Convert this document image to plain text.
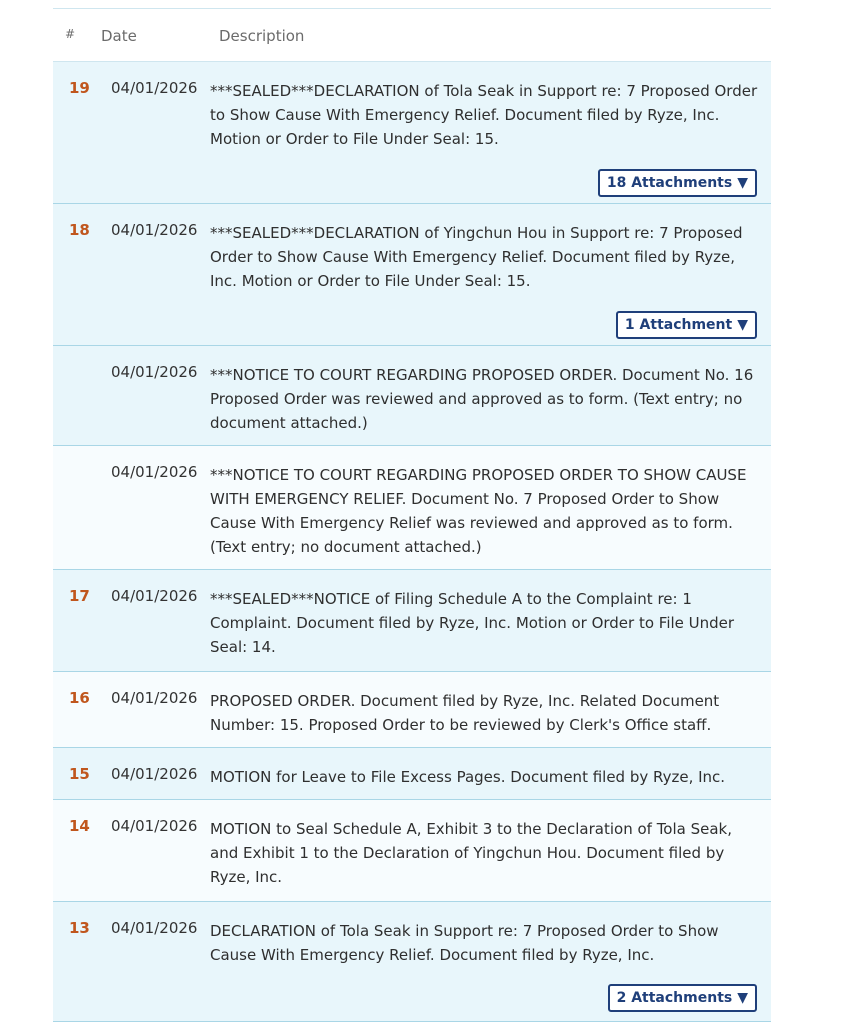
# Date	Description
19 04/01/2026 ***SEALED***DECLARATION of Tola Seak in Support re: 7 Proposed Order to Show Cause With Emergency Relief. Document filed by Ryze, Inc. Motion or Order to File Under Seal: 15.
18 Attachments ▼
18 04/01/2026 ***SEALED***DECLARATION of Yingchun Hou in Support re: 7 Proposed Order to Show Cause With Emergency Relief. Document filed by Ryze, Inc. Motion or Order to File Under Seal: 15.
1 Attachment ▼
04/01/2026 ***NOTICE TO COURT REGARDING PROPOSED ORDER. Document No. 16 Proposed Order was reviewed and approved as to form. (Text entry; no document attached.)
04/01/2026 ***NOTICE TO COURT REGARDING PROPOSED ORDER TO SHOW CAUSE WITH EMERGENCY RELIEF. Document No. 7 Proposed Order to Show Cause With Emergency Relief was reviewed and approved as to form. (Text entry; no document attached.)
17 04/01/2026 ***SEALED***NOTICE of Filing Schedule A to the Complaint re: 1 Complaint. Document filed by Ryze, Inc. Motion or Order to File Under Seal: 14.
16 04/01/2026 PROPOSED ORDER. Document filed by Ryze, Inc. Related Document Number: 15. Proposed Order to be reviewed by Clerk's Office staff.
15 04/01/2026 MOTION for Leave to File Excess Pages. Document filed by Ryze, Inc.
14 04/01/2026 MOTION to Seal Schedule A, Exhibit 3 to the Declaration of Tola Seak, and Exhibit 1 to the Declaration of Yingchun Hou. Document filed by Ryze, Inc.
13 04/01/2026 DECLARATION of Tola Seak in Support re: 7 Proposed Order to Show Cause With Emergency Relief. Document filed by Ryze, Inc.
2 Attachments ▼
